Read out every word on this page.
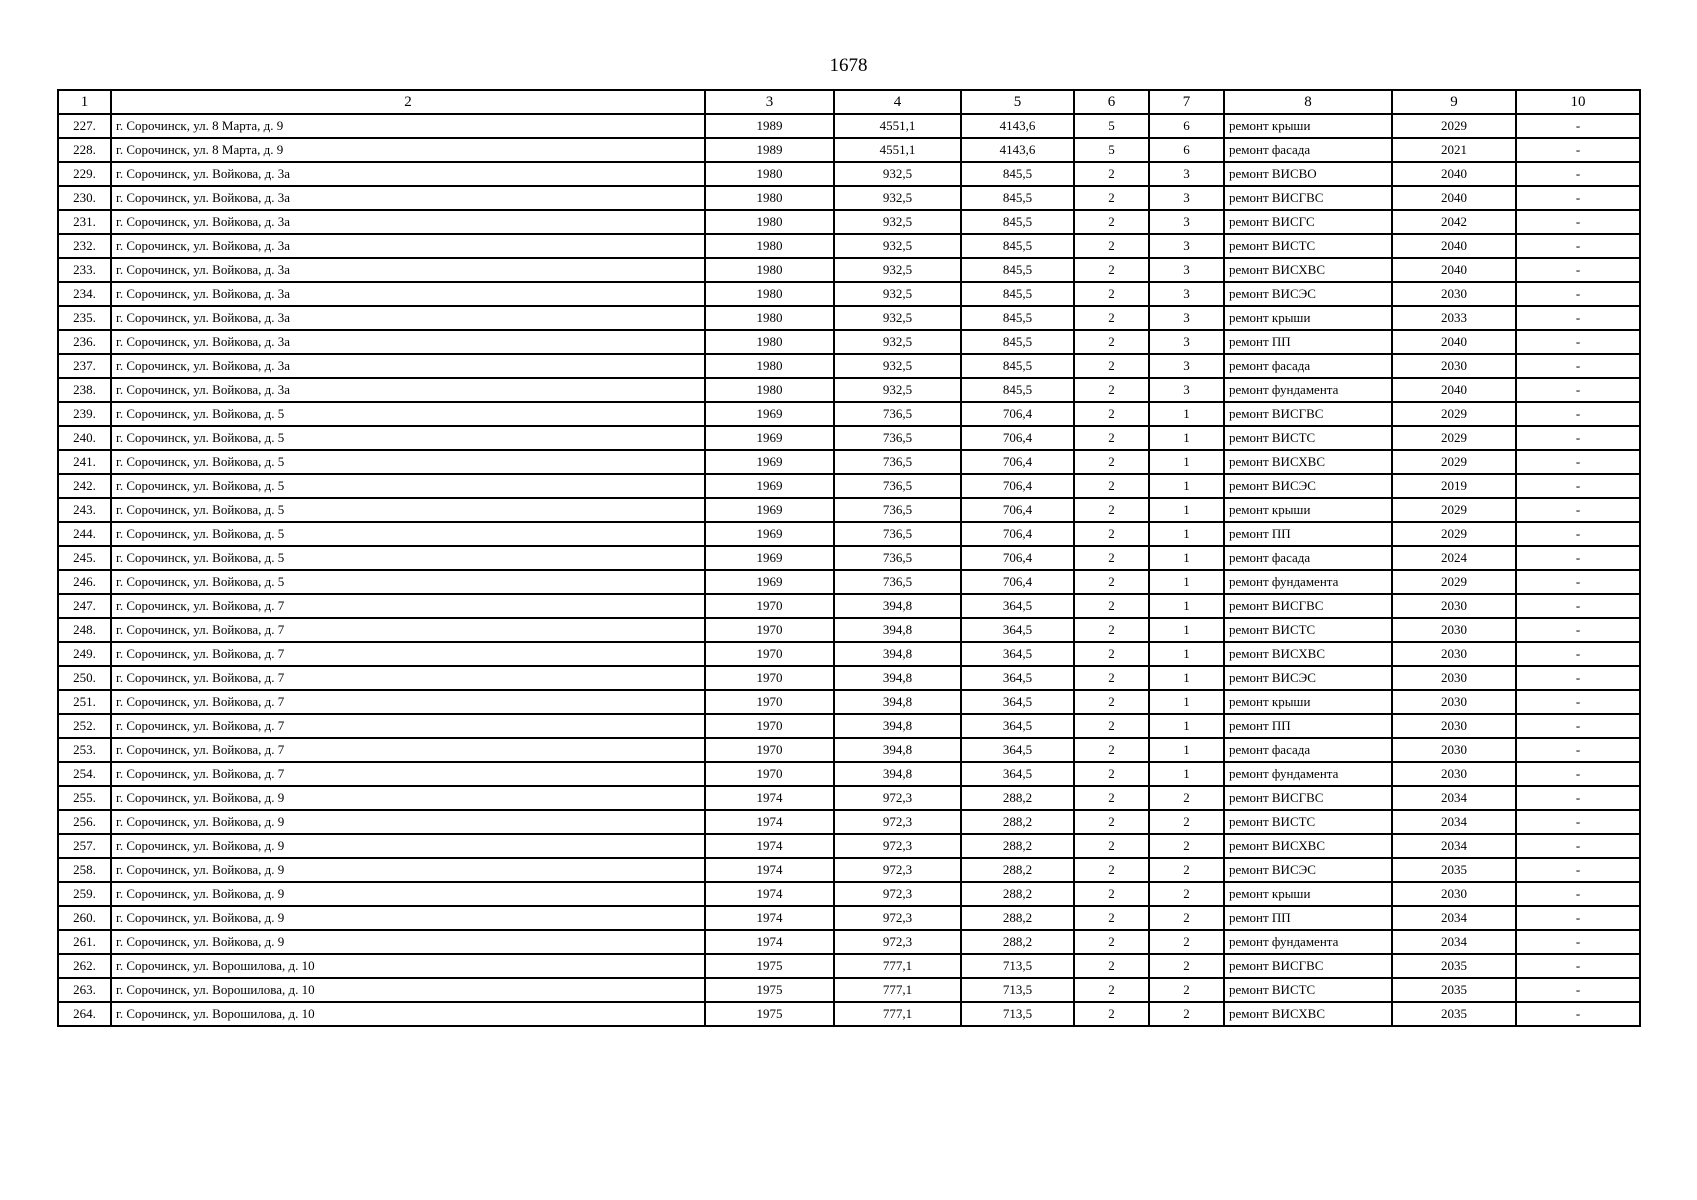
1678
1	2	3	4	5	6	7	8	9	10
227.	г. Сорочинск, ул. 8 Марта, д. 9	1989	4551,1	4143,6	5	6	ремонт крыши	2029	-
228.	г. Сорочинск, ул. 8 Марта, д. 9	1989	4551,1	4143,6	5	6	ремонт фасада	2021	-
229.	г. Сорочинск, ул. Войкова, д. 3а	1980	932,5	845,5	2	3	ремонт ВИСВО	2040	-
230.	г. Сорочинск, ул. Войкова, д. 3а	1980	932,5	845,5	2	3	ремонт ВИСГВС	2040	-
231.	г. Сорочинск, ул. Войкова, д. 3а	1980	932,5	845,5	2	3	ремонт ВИСГС	2042	-
232.	г. Сорочинск, ул. Войкова, д. 3а	1980	932,5	845,5	2	3	ремонт ВИСТС	2040	-
233.	г. Сорочинск, ул. Войкова, д. 3а	1980	932,5	845,5	2	3	ремонт ВИСХВС	2040	-
234.	г. Сорочинск, ул. Войкова, д. 3а	1980	932,5	845,5	2	3	ремонт ВИСЭС	2030	-
235.	г. Сорочинск, ул. Войкова, д. 3а	1980	932,5	845,5	2	3	ремонт крыши	2033	-
236.	г. Сорочинск, ул. Войкова, д. 3а	1980	932,5	845,5	2	3	ремонт ПП	2040	-
237.	г. Сорочинск, ул. Войкова, д. 3а	1980	932,5	845,5	2	3	ремонт фасада	2030	-
238.	г. Сорочинск, ул. Войкова, д. 3а	1980	932,5	845,5	2	3	ремонт фундамента	2040	-
239.	г. Сорочинск, ул. Войкова, д. 5	1969	736,5	706,4	2	1	ремонт ВИСГВС	2029	-
240.	г. Сорочинск, ул. Войкова, д. 5	1969	736,5	706,4	2	1	ремонт ВИСТС	2029	-
241.	г. Сорочинск, ул. Войкова, д. 5	1969	736,5	706,4	2	1	ремонт ВИСХВС	2029	-
242.	г. Сорочинск, ул. Войкова, д. 5	1969	736,5	706,4	2	1	ремонт ВИСЭС	2019	-
243.	г. Сорочинск, ул. Войкова, д. 5	1969	736,5	706,4	2	1	ремонт крыши	2029	-
244.	г. Сорочинск, ул. Войкова, д. 5	1969	736,5	706,4	2	1	ремонт ПП	2029	-
245.	г. Сорочинск, ул. Войкова, д. 5	1969	736,5	706,4	2	1	ремонт фасада	2024	-
246.	г. Сорочинск, ул. Войкова, д. 5	1969	736,5	706,4	2	1	ремонт фундамента	2029	-
247.	г. Сорочинск, ул. Войкова, д. 7	1970	394,8	364,5	2	1	ремонт ВИСГВС	2030	-
248.	г. Сорочинск, ул. Войкова, д. 7	1970	394,8	364,5	2	1	ремонт ВИСТС	2030	-
249.	г. Сорочинск, ул. Войкова, д. 7	1970	394,8	364,5	2	1	ремонт ВИСХВС	2030	-
250.	г. Сорочинск, ул. Войкова, д. 7	1970	394,8	364,5	2	1	ремонт ВИСЭС	2030	-
251.	г. Сорочинск, ул. Войкова, д. 7	1970	394,8	364,5	2	1	ремонт крыши	2030	-
252.	г. Сорочинск, ул. Войкова, д. 7	1970	394,8	364,5	2	1	ремонт ПП	2030	-
253.	г. Сорочинск, ул. Войкова, д. 7	1970	394,8	364,5	2	1	ремонт фасада	2030	-
254.	г. Сорочинск, ул. Войкова, д. 7	1970	394,8	364,5	2	1	ремонт фундамента	2030	-
255.	г. Сорочинск, ул. Войкова, д. 9	1974	972,3	288,2	2	2	ремонт ВИСГВС	2034	-
256.	г. Сорочинск, ул. Войкова, д. 9	1974	972,3	288,2	2	2	ремонт ВИСТС	2034	-
257.	г. Сорочинск, ул. Войкова, д. 9	1974	972,3	288,2	2	2	ремонт ВИСХВС	2034	-
258.	г. Сорочинск, ул. Войкова, д. 9	1974	972,3	288,2	2	2	ремонт ВИСЭС	2035	-
259.	г. Сорочинск, ул. Войкова, д. 9	1974	972,3	288,2	2	2	ремонт крыши	2030	-
260.	г. Сорочинск, ул. Войкова, д. 9	1974	972,3	288,2	2	2	ремонт ПП	2034	-
261.	г. Сорочинск, ул. Войкова, д. 9	1974	972,3	288,2	2	2	ремонт фундамента	2034	-
262.	г. Сорочинск, ул. Ворошилова, д. 10	1975	777,1	713,5	2	2	ремонт ВИСГВС	2035	-
263.	г. Сорочинск, ул. Ворошилова, д. 10	1975	777,1	713,5	2	2	ремонт ВИСТС	2035	-
264.	г. Сорочинск, ул. Ворошилова, д. 10	1975	777,1	713,5	2	2	ремонт ВИСХВС	2035	-
